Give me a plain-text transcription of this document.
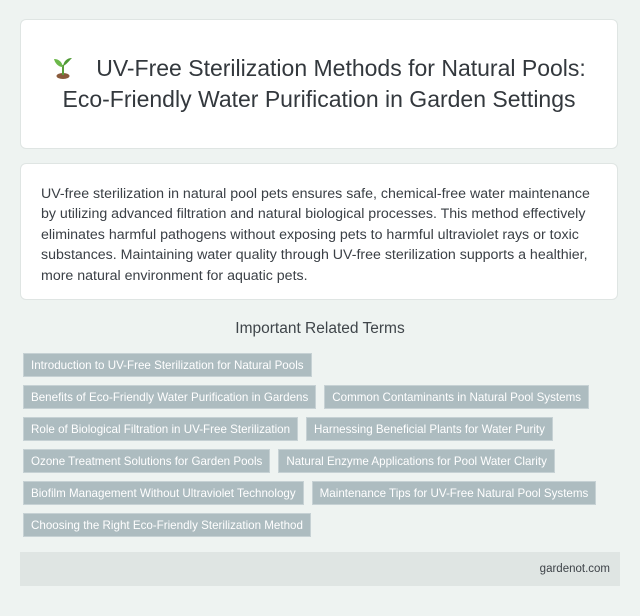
UV-Free Sterilization Methods for Natural Pools: Eco-Friendly Water Purification in Garden Settings

UV-free sterilization in natural pool pets ensures safe, chemical-free water maintenance by utilizing advanced filtration and natural biological processes. This method effectively eliminates harmful pathogens without exposing pets to harmful ultraviolet rays or toxic substances. Maintaining water quality through UV-free sterilization supports a healthier, more natural environment for aquatic pets.

Important Related Terms
Introduction to UV-Free Sterilization for Natural Pools
Benefits of Eco-Friendly Water Purification in Gardens	Common Contaminants in Natural Pool Systems
Role of Biological Filtration in UV-Free Sterilization	Harnessing Beneficial Plants for Water Purity
Ozone Treatment Solutions for Garden Pools	Natural Enzyme Applications for Pool Water Clarity
Biofilm Management Without Ultraviolet Technology	Maintenance Tips for UV-Free Natural Pool Systems
Choosing the Right Eco-Friendly Sterilization Method
gardenot.com
